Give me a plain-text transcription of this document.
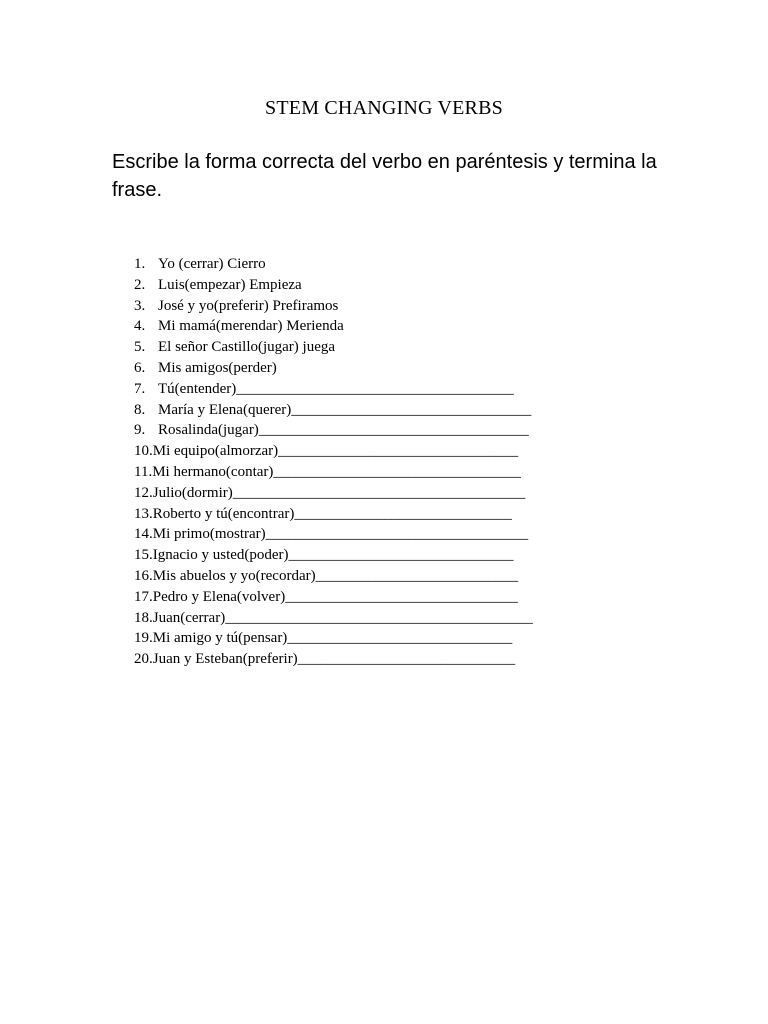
STEM CHANGING VERBS
Escribe la forma correcta del verbo en paréntesis y termina la frase.
1. Yo (cerrar) Cierro
2. Luis(empezar) Empieza
3. José y yo(preferir) Prefiramos
4. Mi mamá(merendar) Merienda
5. El señor Castillo(jugar) juega
6. Mis amigos(perder)
7. Tú(entender)_____________________________________
8. María y Elena(querer)________________________________
9. Rosalinda(jugar)____________________________________
10. Mi equipo(almorzar)________________________________
11. Mi hermano(contar)_________________________________
12. Julio(dormir)_______________________________________
13. Roberto y tú(encontrar)_____________________________
14. Mi primo(mostrar)___________________________________
15. Ignacio y usted(poder)______________________________
16. Mis abuelos y yo(recordar)___________________________
17. Pedro y Elena(volver)_______________________________
18. Juan(cerrar)_________________________________________
19. Mi amigo y tú(pensar)______________________________
20. Juan y Esteban(preferir)_____________________________
